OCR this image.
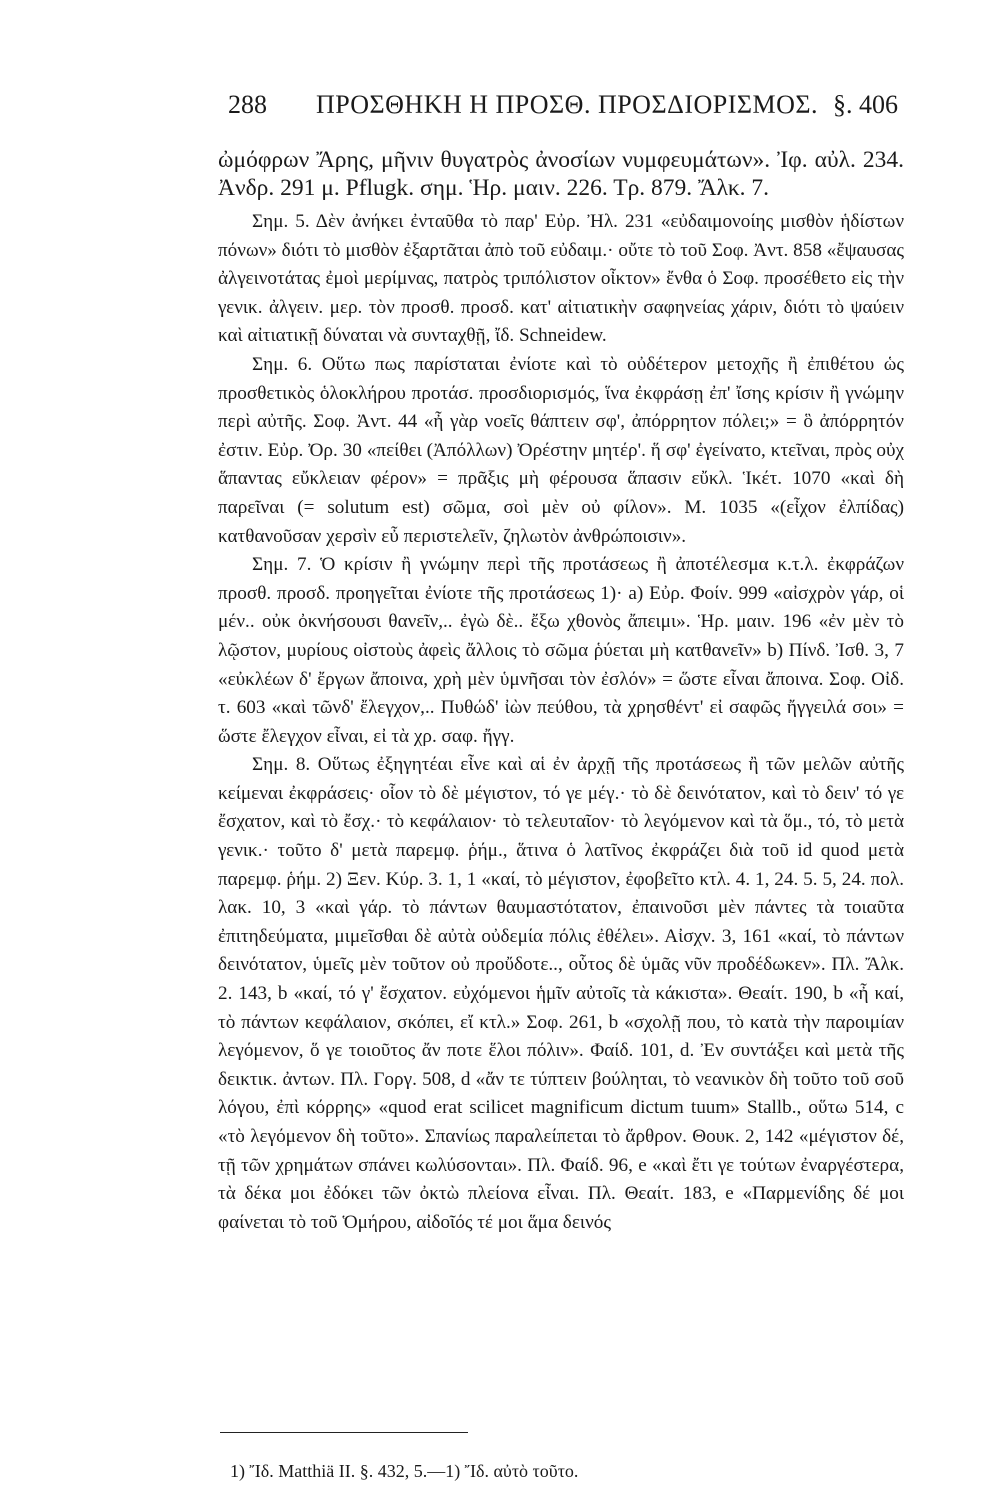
288 ΠΡΟΣΘΗΚΗ Η ΠΡΟΣΘ. ΠΡΟΣΔΙΟΡΙΣΜΟΣ. §. 406

ὠμόφρων Ἄρης, μῆνιν θυγατρὸς ἀνοσίων νυμφευμάτων». Ἰφ. αὐλ. 234. Ἀνδρ. 291 μ. Pflugk. σημ. Ἡρ. μαιν. 226. Τρ. 879. Ἄλκ. 7.

Σημ. 5. Δὲν ἀνήκει ἐνταῦθα τὸ παρ' Εὐρ. Ἠλ. 231 «εὐδαιμονοίης μισθὸν ἡδίστων πόνων» διότι τὸ μισθὸν ἐξαρτᾶται ἀπὸ τοῦ εὐδαιμ.· οὔτε τὸ τοῦ Σοφ. Ἀντ. 858 «ἔψαυσας ἀλγεινοτάτας ἐμοὶ μερίμνας, πατρὸς τριπόλιστον οἶκτον» ἔνθα ὁ Σοφ. προσέθετο εἰς τὴν γενικ. ἀλγειν. μερ. τὸν προσθ. προσδ. κατ' αἰτιατικὴν σαφηνείας χάριν, διότι τὸ ψαύειν καὶ αἰτιατικῇ δύναται νὰ συνταχθῇ, ἴδ. Schneidew.

Σημ. 6. Οὕτω πως παρίσταται ἐνίοτε καὶ τὸ οὐδέτερον μετοχῆς ἢ ἐπιθέτου ὡς προσθετικὸς ὁλοκλήρου προτάσ. προσδιορισμός, ἵνα ἐκφράσῃ ἐπ' ἴσης κρίσιν ἢ γνώμην περὶ αὐτῆς. Σοφ. Ἀντ. 44 «ἦ γὰρ νοεῖς θάπτειν σφ', ἀπόρρητον πόλει;» = ὃ ἀπόρρητόν ἐστιν. Εὐρ. Ὀρ. 30 «πείθει (Ἀπόλλων) Ὀρέστην μητέρ'. ἥ σφ' ἐγείνατο, κτεῖναι, πρὸς οὐχ ἅπαντας εὔκλειαν φέρον» = πρᾶξις μὴ φέρουσα ἅπασιν εὔκλ. Ἱκέτ. 1070 «καὶ δὴ παρεῖναι (= solutum est) σῶμα, σοὶ μὲν οὐ φίλον». Μ. 1035 «(εἶχον ἐλπίδας) κατθανοῦσαν χερσὶν εὖ περιστελεῖν, ζηλωτὸν ἀνθρώποισιν».

Σημ. 7. Ὁ κρίσιν ἢ γνώμην περὶ τῆς προτάσεως ἢ ἀποτέλεσμα κ.τ.λ. ἐκφράζων προσθ. προσδ. προηγεῖται ἐνίοτε τῆς προτάσεως 1)· a) Εὐρ. Φοίν. 999 «αἰσχρὸν γάρ, οἱ μέν.. οὐκ ὀκνήσουσι θανεῖν,.. ἐγὼ δὲ.. ἔξω χθονὸς ἄπειμι». Ἡρ. μαιν. 196 «ἐν μὲν τὸ λῷστον, μυρίους οἰστοὺς ἀφεὶς ἄλλοις τὸ σῶμα ῥύεται μὴ κατθανεῖν» b) Πίνδ. Ἰσθ. 3, 7 «εὐκλέων δ' ἔργων ἄποινα, χρὴ μὲν ὑμνῆσαι τὸν ἐσλόν» = ὥστε εἶναι ἄποινα. Σοφ. Οἰδ. τ. 603 «καὶ τῶνδ' ἔλεγχον,.. Πυθώδ' ἰὼν πεύθου, τὰ χρησθέντ' εἰ σαφῶς ἤγγειλά σοι» = ὥστε ἔλεγχον εἶναι, εἰ τὰ χρ. σαφ. ἤγγ.

Σημ. 8. Οὕτως ἐξηγητέαι εἶνε καὶ αἱ ἐν ἀρχῇ τῆς προτάσεως ἢ τῶν μελῶν αὐτῆς κείμεναι ἐκφράσεις· οἷον τὸ δὲ μέγιστον, τό γε μέγ.· τὸ δὲ δεινότατον, καὶ τὸ δειν' τό γε ἔσχατον, καὶ τὸ ἔσχ.· τὸ κεφάλαιον· τὸ τελευταῖον· τὸ λεγόμενον καὶ τὰ ὅμ., τό, τὸ μετὰ γενικ.· τοῦτο δ' μετὰ παρεμφ. ῥήμ., ἅτινα ὁ λατῖνος ἐκφράζει διὰ τοῦ id quod μετὰ παρεμφ. ῥήμ. 2) Ξεν. Κύρ. 3. 1, 1 «καί, τὸ μέγιστον, ἐφοβεῖτο κτλ. 4. 1, 24. 5. 5, 24. πολ. λακ. 10, 3 «καὶ γάρ. τὸ πάντων θαυμαστότατον, ἐπαινοῦσι μὲν πάντες τὰ τοιαῦτα ἐπιτηδεύματα, μιμεῖσθαι δὲ αὐτὰ οὐδεμία πόλις ἐθέλει». Αἰσχν. 3, 161 «καί, τὸ πάντων δεινότατον, ὑμεῖς μὲν τοῦτον οὐ προὔδοτε.., οὗτος δὲ ὑμᾶς νῦν προδέδωκεν». Πλ. Ἄλκ. 2. 143, b «καί, τό γ' ἔσχατον. εὐχόμενοι ἡμῖν αὐτοῖς τὰ κάκιστα». Θεαίτ. 190, b «ἦ καί, τὸ πάντων κεφάλαιον, σκόπει, εἴ κτλ.» Σοφ. 261, b «σχολῇ που, τὸ κατὰ τὴν παροιμίαν λεγόμενον, ὅ γε τοιοῦτος ἄν ποτε ἕλοι πόλιν». Φαίδ. 101, d. Ἐν συντάξει καὶ μετὰ τῆς δεικτικ. ἀντων. Πλ. Γοργ. 508, d «ἄν τε τύπτειν βούληται, τὸ νεανικὸν δὴ τοῦτο τοῦ σοῦ λόγου, ἐπὶ κόρρης» «quod erat scilicet magnificum dictum tuum» Stallb., οὕτω 514, c «τὸ λεγόμενον δὴ τοῦτο». Σπανίως παραλείπεται τὸ ἄρθρον. Θουκ. 2, 142 «μέγιστον δέ, τῇ τῶν χρημάτων σπάνει κωλύσονται». Πλ. Φαίδ. 96, e «καὶ ἔτι γε τούτων ἐναργέστερα, τὰ δέκα μοι ἐδόκει τῶν ὀκτὼ πλείονα εἶναι. Πλ. Θεαίτ. 183, e «Παρμενίδης δέ μοι φαίνεται τὸ τοῦ Ὁμήρου, αἰδοῖός τέ μοι ἅμα δεινός

1) Ἴδ. Matthiä II. §. 432, 5.—1) Ἴδ. αὐτὸ τοῦτο.
